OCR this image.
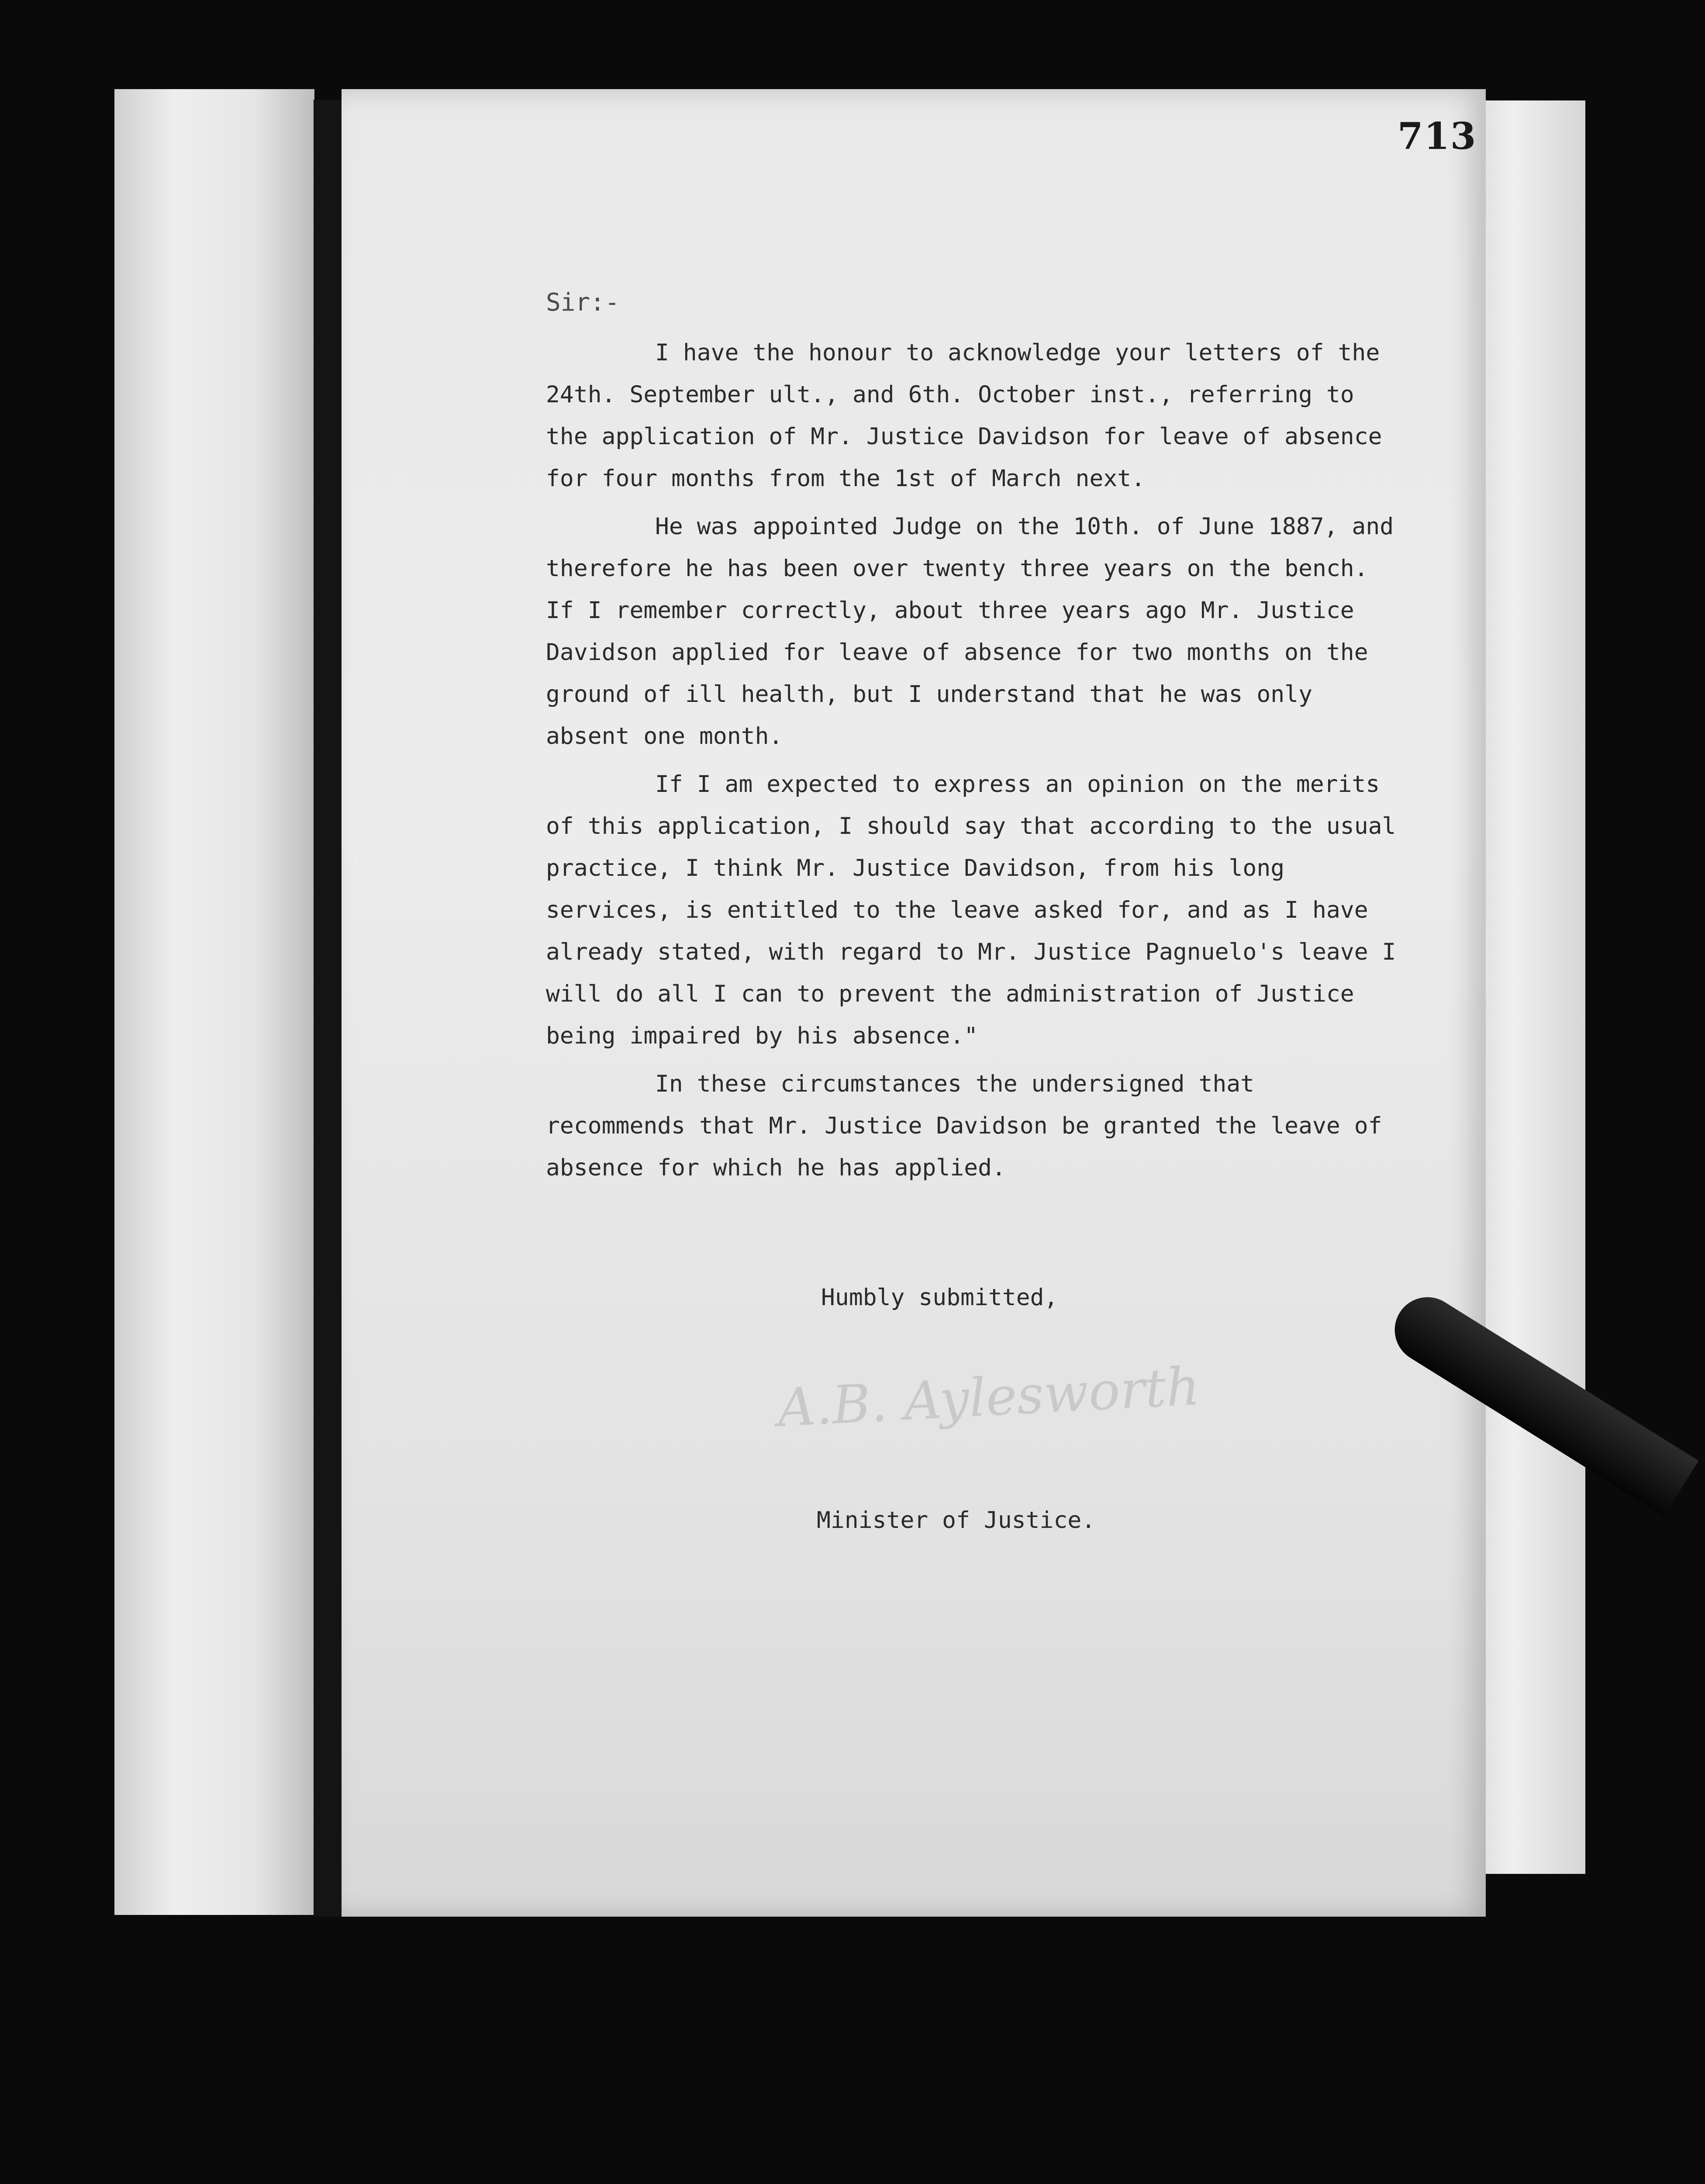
713
Sir:-

I have the honour to acknowledge your letters of the 24th. September ult., and 6th. October inst., referring to the application of Mr. Justice Davidson for leave of absence for four months from the 1st of March next.

He was appointed Judge on the 10th. of June 1887, and therefore he has been over twenty three years on the bench. If I remember correctly, about three years ago Mr. Justice Davidson applied for leave of absence for two months on the ground of ill health, but I understand that he was only absent one month.

If I am expected to express an opinion on the merits of this application, I should say that according to the usual practice, I think Mr. Justice Davidson, from his long services, is entitled to the leave asked for, and as I have already stated, with regard to Mr. Justice Pagnuelo's leave I will do all I can to prevent the administration of Justice being impaired by his absence."

In these circumstances the undersigned that recommends that Mr. Justice Davidson be granted the leave of absence for which he has applied.

Humbly submitted,
A.B. Aylesworth
Minister of Justice.
